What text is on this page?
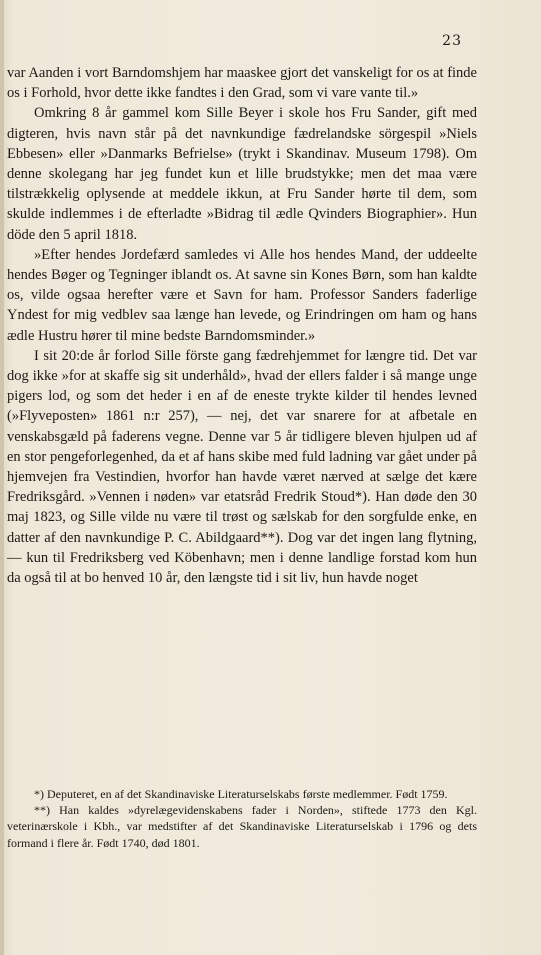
23

var Aanden i vort Barndomshjem har maaskee gjort det vanskeligt for os at finde os i Forhold, hvor dette ikke fandtes i den Grad, som vi vare vante til.»

Omkring 8 år gammel kom Sille Beyer i skole hos Fru Sander, gift med digteren, hvis navn står på det navnkundige fædrelandske sörgespil »Niels Ebbesen» eller »Danmarks Befrielse» (trykt i Skandinav. Museum 1798). Om denne skolegang har jeg fundet kun et lille brudstykke; men det maa være tilstrækkelig oplysende at meddele ikkun, at Fru Sander hørte til dem, som skulde indlemmes i de efterladte »Bidrag til ædle Qvinders Biographier». Hun döde den 5 april 1818.

»Efter hendes Jordefærd samledes vi Alle hos hendes Mand, der uddeelte hendes Bøger og Tegninger iblandt os. At savne sin Kones Børn, som han kaldte os, vilde ogsaa herefter være et Savn for ham. Professor Sanders faderlige Yndest for mig vedblev saa længe han levede, og Erindringen om ham og hans ædle Hustru hører til mine bedste Barndomsminder.»

I sit 20:de år forlod Sille förste gang fædrehjemmet for længre tid. Det var dog ikke »for at skaffe sig sit underhåld», hvad der ellers falder i så mange unge pigers lod, og som det heder i en af de eneste trykte kilder til hendes levned (»Flyveposten» 1861 n:r 257), — nej, det var snarere for at afbetale en venskabsgæld på faderens vegne. Denne var 5 år tidligere bleven hjulpen ud af en stor pengeforlegenhed, da et af hans skibe med fuld ladning var gået under på hjemvejen fra Vestindien, hvorfor han havde været nærved at sælge det kære Fredriksgård. »Vennen i nøden» var etatsråd Fredrik Stoud*). Han døde den 30 maj 1823, og Sille vilde nu være til trøst og sælskab for den sorgfulde enke, en datter af den navnkundige P. C. Abildgaard**). Dog var det ingen lang flytning, — kun til Fredriksberg ved Köbenhavn; men i denne landlige forstad kom hun da også til at bo henved 10 år, den længste tid i sit liv, hun havde noget

*) Deputeret, en af det Skandinaviske Literaturselskabs første medlemmer. Født 1759.

**) Han kaldes »dyrelægevidenskabens fader i Norden», stiftede 1773 den Kgl. veterinærskole i Kbh., var medstifter af det Skandinaviske Literaturselskab i 1796 og dets formand i flere år. Født 1740, død 1801.
